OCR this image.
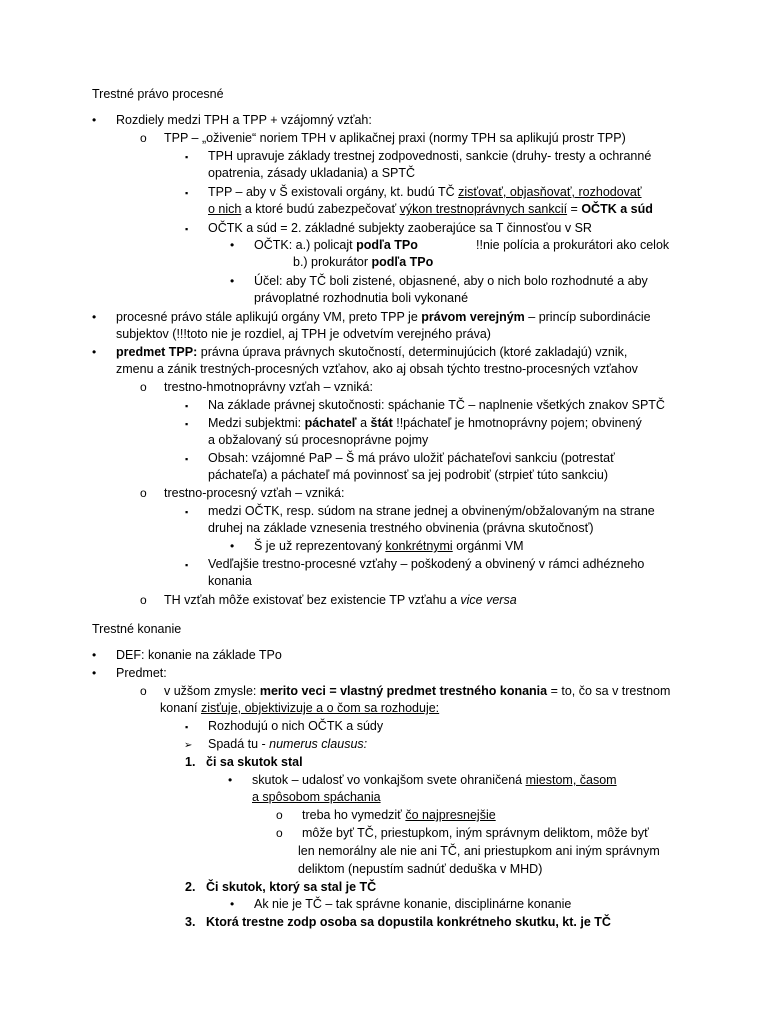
Trestné právo procesné
• Rozdiely medzi TPH a TPP + vzájomný vzťah:
o TPP – „oživenie“ noriem TPH v aplikačnej praxi (normy TPH sa aplikujú prostr TPP)
▪ TPH upravuje základy trestnej zodpovednosti, sankcie (druhy- tresty a ochranné
opatrenia, zásady ukladania) a SPTČ
▪ TPP – aby v Š existovali orgány, kt. budú TČ zisťovať, objasňovať, rozhodovať
o nich a ktoré budú zabezpečovať výkon trestnoprávnych sankcií = OČTK a súd
▪ OČTK a súd = 2. základné subjekty zaoberajúce sa T činnosťou v SR
• OČTK: a.) policajt podľa TPo	!!nie polícia a prokurátori ako celok
b.) prokurátor podľa TPo
• Účel: aby TČ boli zistené, objasnené, aby o nich bolo rozhodnuté a aby
právoplatné rozhodnutia boli vykonané
• procesné právo stále aplikujú orgány VM, preto TPP je právom verejným – princíp subordinácie
subjektov (!!!toto nie je rozdiel, aj TPH je odvetvím verejného práva)
• predmet TPP: právna úprava právnych skutočností, determinujúcich (ktoré zakladajú) vznik,
zmenu a zánik trestných-procesných vzťahov, ako aj obsah týchto trestno-procesných vzťahov
o trestno-hmotnoprávny vzťah – vzniká:
▪ Na základe právnej skutočnosti: spáchanie TČ – naplnenie všetkých znakov SPTČ
▪ Medzi subjektmi: páchateľ a štát !!páchateľ je hmotnoprávny pojem; obvinený
a obžalovaný sú procesnoprávne pojmy
▪ Obsah: vzájomné PaP – Š má právo uložiť páchateľovi sankciu (potrestať
páchateľa) a páchateľ má povinnosť sa jej podrobiť (strpieť túto sankciu)
o trestno-procesný vzťah – vzniká:
▪ medzi OČTK, resp. súdom na strane jednej a obvineným/obžalovaným na strane
druhej na základe vznesenia trestného obvinenia (právna skutočnosť)
• Š je už reprezentovaný konkrétnymi orgánmi VM
▪ Vedľajšie trestno-procesné vzťahy – poškodený a obvinený v rámci adhézneho
konania
o TH vzťah môže existovať bez existencie TP vzťahu a vice versa
Trestné konanie
• DEF: konanie na základe TPo
• Predmet:
o v užšom zmysle: merito veci = vlastný predmet trestného konania = to, čo sa v trestnom
konaní zisťuje, objektivizuje a o čom sa rozhoduje:
▪ Rozhodujú o nich OČTK a súdy
➢ Spadá tu - numerus clausus:
1. či sa skutok stal
• skutok – udalosť vo vonkajšom svete ohraničená miestom, časom
a spôsobom spáchania
o treba ho vymedziť čo najpresnejšie
o môže byť TČ, priestupkom, iným správnym deliktom, môže byť
len nemorálny ale nie ani TČ, ani priestupkom ani iným správnym
deliktom (nepustím sadnúť deduška v MHD)
2. Či skutok, ktorý sa stal je TČ
• Ak nie je TČ – tak správne konanie, disciplinárne konanie
3. Ktorá trestne zodp osoba sa dopustila konkrétneho skutku, kt. je TČ
